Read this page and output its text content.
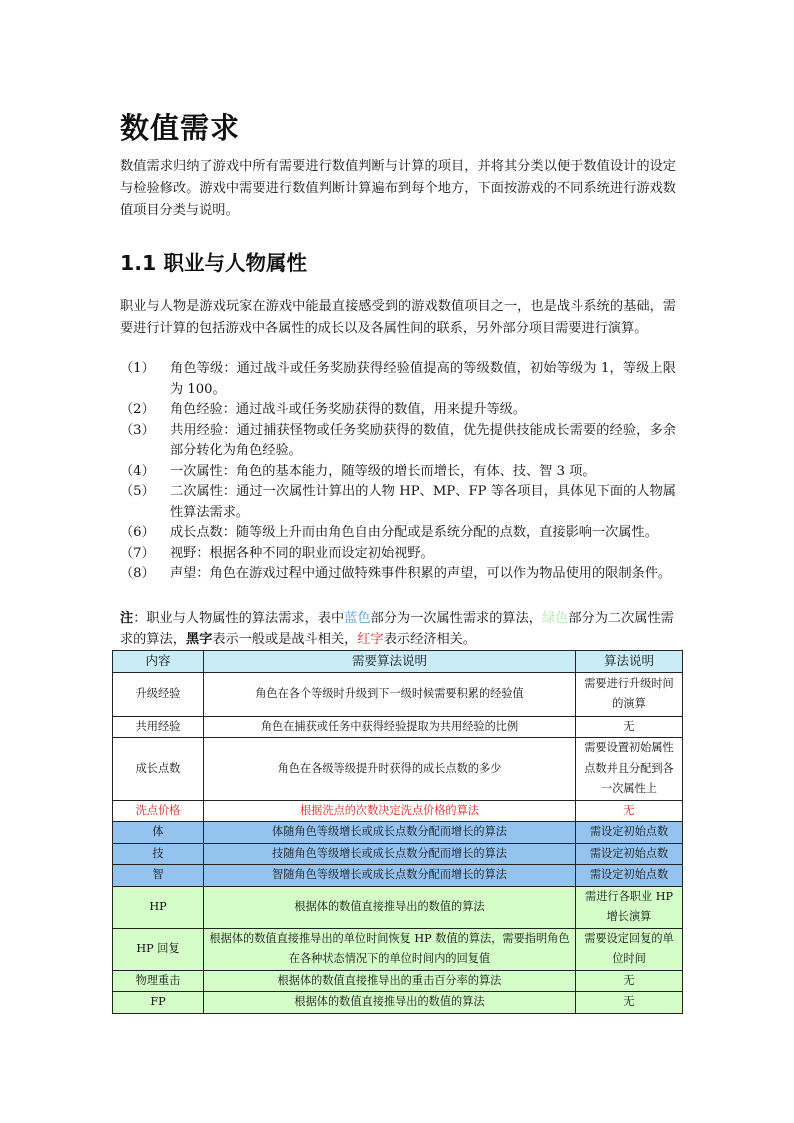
数值需求

数值需求归纳了游戏中所有需要进行数值判断与计算的项目，并将其分类以便于数值设计的设定与检验修改。游戏中需要进行数值判断计算遍布到每个地方，下面按游戏的不同系统进行游戏数值项目分类与说明。

1.1 职业与人物属性

职业与人物是游戏玩家在游戏中能最直接感受到的游戏数值项目之一，也是战斗系统的基础，需要进行计算的包括游戏中各属性的成长以及各属性间的联系，另外部分项目需要进行演算。

（1）	角色等级：通过战斗或任务奖励获得经验值提高的等级数值，初始等级为 1，等级上限为 100。
（2）	角色经验：通过战斗或任务奖励获得的数值，用来提升等级。
（3）	共用经验：通过捕获怪物或任务奖励获得的数值，优先提供技能成长需要的经验，多余部分转化为角色经验。
（4）	一次属性：角色的基本能力，随等级的增长而增长，有体、技、智 3 项。
（5）	二次属性：通过一次属性计算出的人物 HP、MP、FP 等各项目，具体见下面的人物属性算法需求。
（6）	成长点数：随等级上升而由角色自由分配或是系统分配的点数，直接影响一次属性。
（7）	视野：根据各种不同的职业而设定初始视野。
（8）	声望：角色在游戏过程中通过做特殊事件积累的声望，可以作为物品使用的限制条件。

注：职业与人物属性的算法需求，表中蓝色部分为一次属性需求的算法，绿色部分为二次属性需求的算法，黑字表示一般或是战斗相关，红字表示经济相关。

内容	需要算法说明	算法说明
升级经验	角色在各个等级时升级到下一级时候需要积累的经验值	需要进行升级时间的演算
共用经验	角色在捕获或任务中获得经验提取为共用经验的比例	无
成长点数	角色在各级等级提升时获得的成长点数的多少	需要设置初始属性点数并且分配到各一次属性上
洗点价格	根据洗点的次数决定洗点价格的算法	无
体	体随角色等级增长或成长点数分配而增长的算法	需设定初始点数
技	技随角色等级增长或成长点数分配而增长的算法	需设定初始点数
智	智随角色等级增长或成长点数分配而增长的算法	需设定初始点数
HP	根据体的数值直接推导出的数值的算法	需进行各职业 HP 增长演算
HP 回复	根据体的数值直接推导出的单位时间恢复 HP 数值的算法，需要指明角色在各种状态情况下的单位时间内的回复值	需要设定回复的单位时间
物理重击	根据体的数值直接推导出的重击百分率的算法	无
FP	根据体的数值直接推导出的数值的算法	无
